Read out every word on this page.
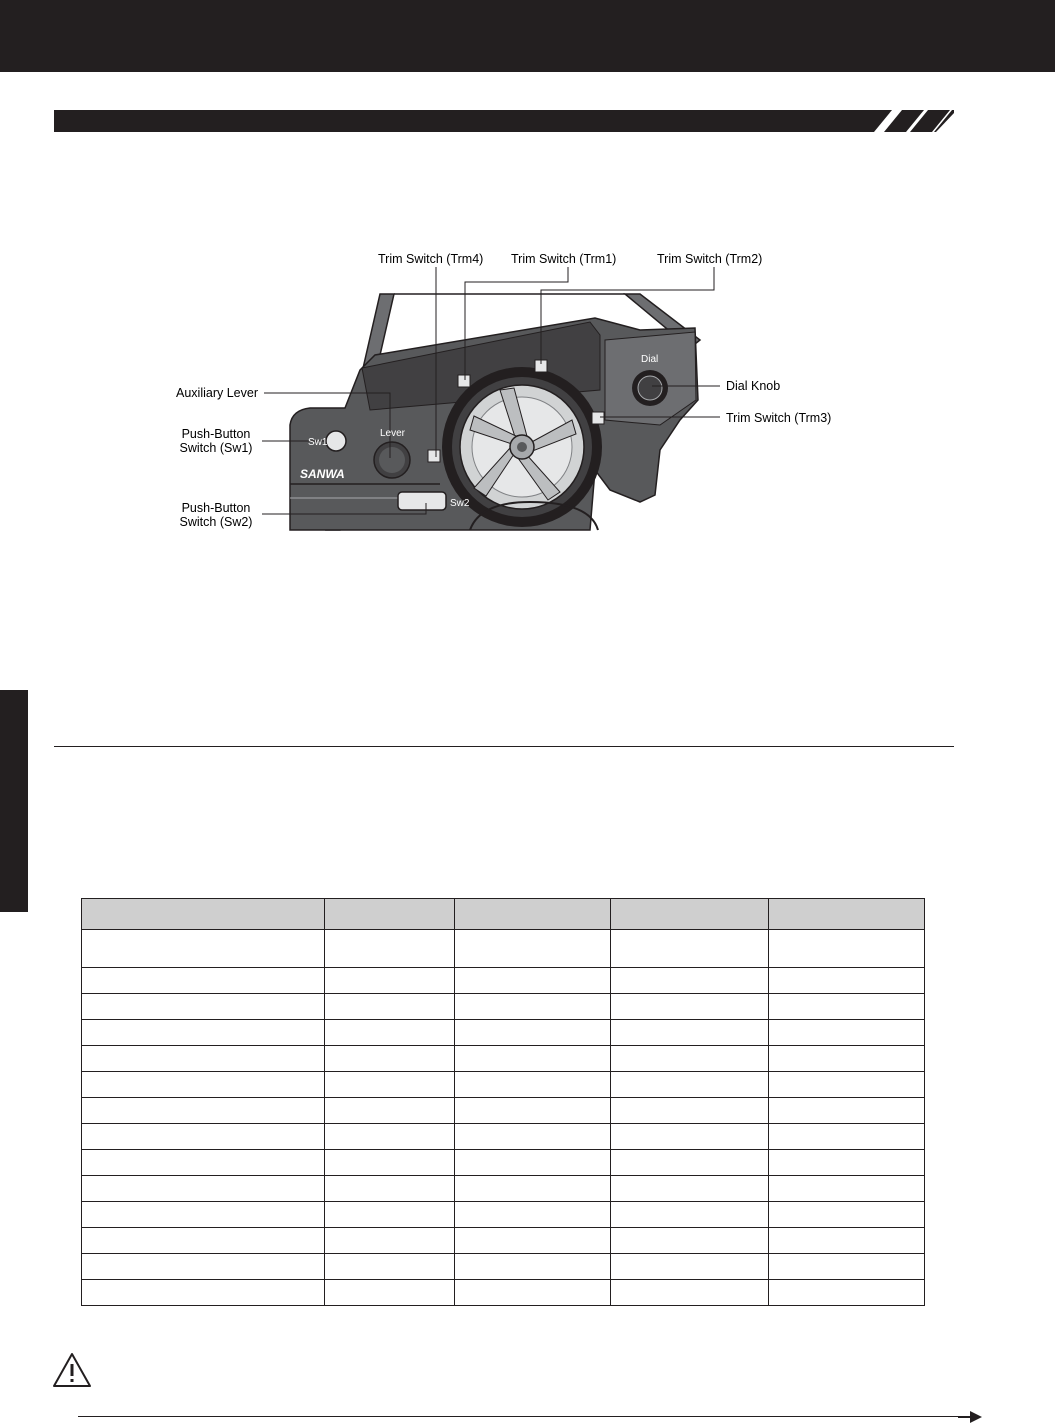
Sw1
Lever
Sw2
Dial
SANWA
Trim Switch (Trm4) Trim Switch (Trm1)	Trim Switch (Trm2)
Dial Knob
Trim Switch (Trm3)
Auxiliary Lever
Push-Button
Switch (Sw1)
Push-Button
Switch (Sw2)
